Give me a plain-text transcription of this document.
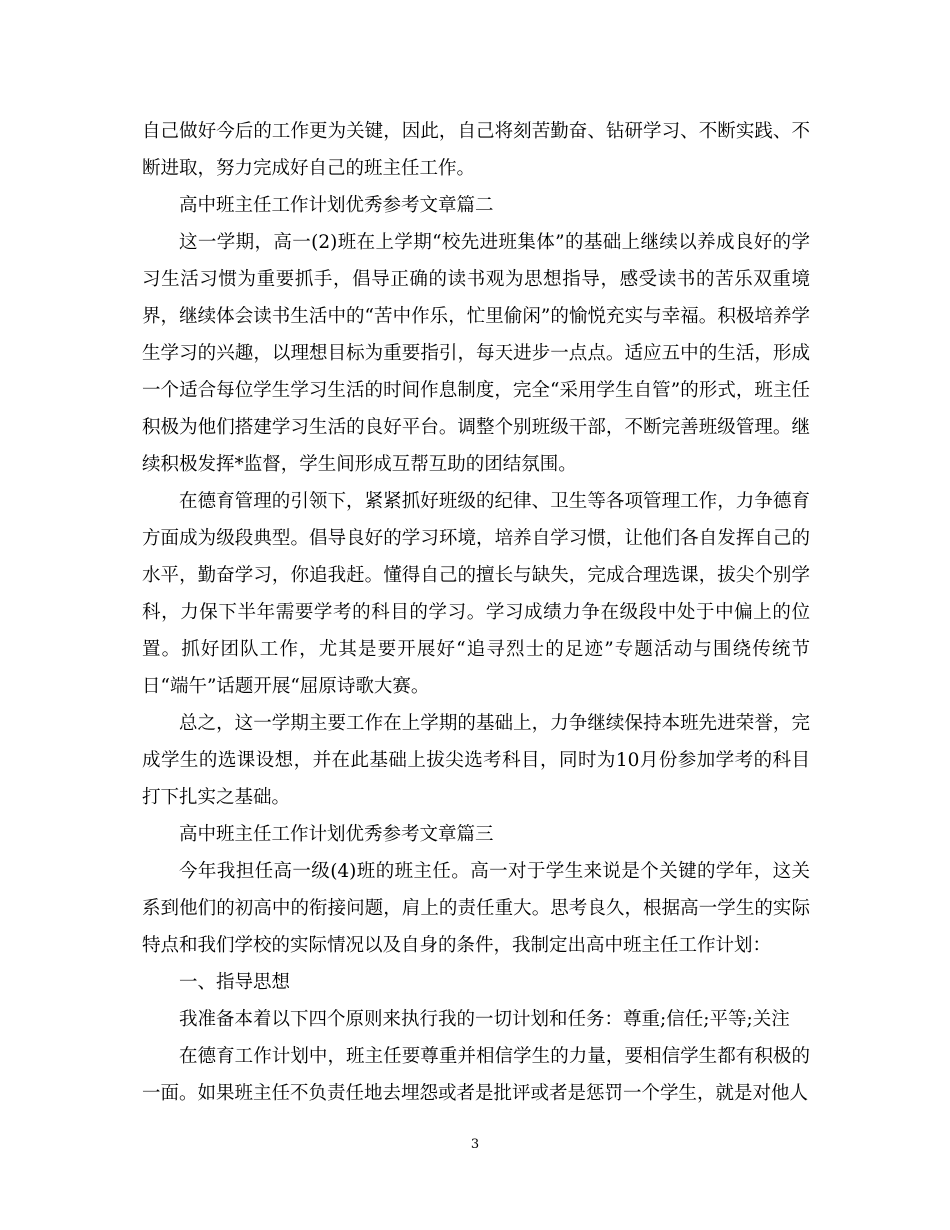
自己做好今后的工作更为关键，因此，自己将刻苦勤奋、钻研学习、不断实践、不断进取，努力完成好自己的班主任工作。

高中班主任工作计划优秀参考文章篇二

这一学期，高一(2)班在上学期“校先进班集体”的基础上继续以养成良好的学习生活习惯为重要抓手，倡导正确的读书观为思想指导，感受读书的苦乐双重境界，继续体会读书生活中的“苦中作乐，忙里偷闲”的愉悦充实与幸福。积极培养学生学习的兴趣，以理想目标为重要指引，每天进步一点点。适应五中的生活，形成一个适合每位学生学习生活的时间作息制度，完全“采用学生自管”的形式，班主任积极为他们搭建学习生活的良好平台。调整个别班级干部，不断完善班级管理。继续积极发挥*监督，学生间形成互帮互助的团结氛围。

在德育管理的引领下，紧紧抓好班级的纪律、卫生等各项管理工作，力争德育方面成为级段典型。倡导良好的学习环境，培养自学习惯，让他们各自发挥自己的水平，勤奋学习，你追我赶。懂得自己的擅长与缺失，完成合理选课，拔尖个别学科，力保下半年需要学考的科目的学习。学习成绩力争在级段中处于中偏上的位置。抓好团队工作，尤其是要开展好“追寻烈士的足迹”专题活动与围绕传统节日“端午”话题开展“屈原诗歌大赛。

总之，这一学期主要工作在上学期的基础上，力争继续保持本班先进荣誉，完成学生的选课设想，并在此基础上拔尖选考科目，同时为10月份参加学考的科目打下扎实之基础。

高中班主任工作计划优秀参考文章篇三

今年我担任高一级(4)班的班主任。高一对于学生来说是个关键的学年，这关系到他们的初高中的衔接问题，肩上的责任重大。思考良久，根据高一学生的实际特点和我们学校的实际情况以及自身的条件，我制定出高中班主任工作计划：

一、指导思想

我准备本着以下四个原则来执行我的一切计划和任务：尊重;信任;平等;关注

在德育工作计划中，班主任要尊重并相信学生的力量，要相信学生都有积极的一面。如果班主任不负责任地去埋怨或者是批评或者是惩罚一个学生，就是对他人

3
